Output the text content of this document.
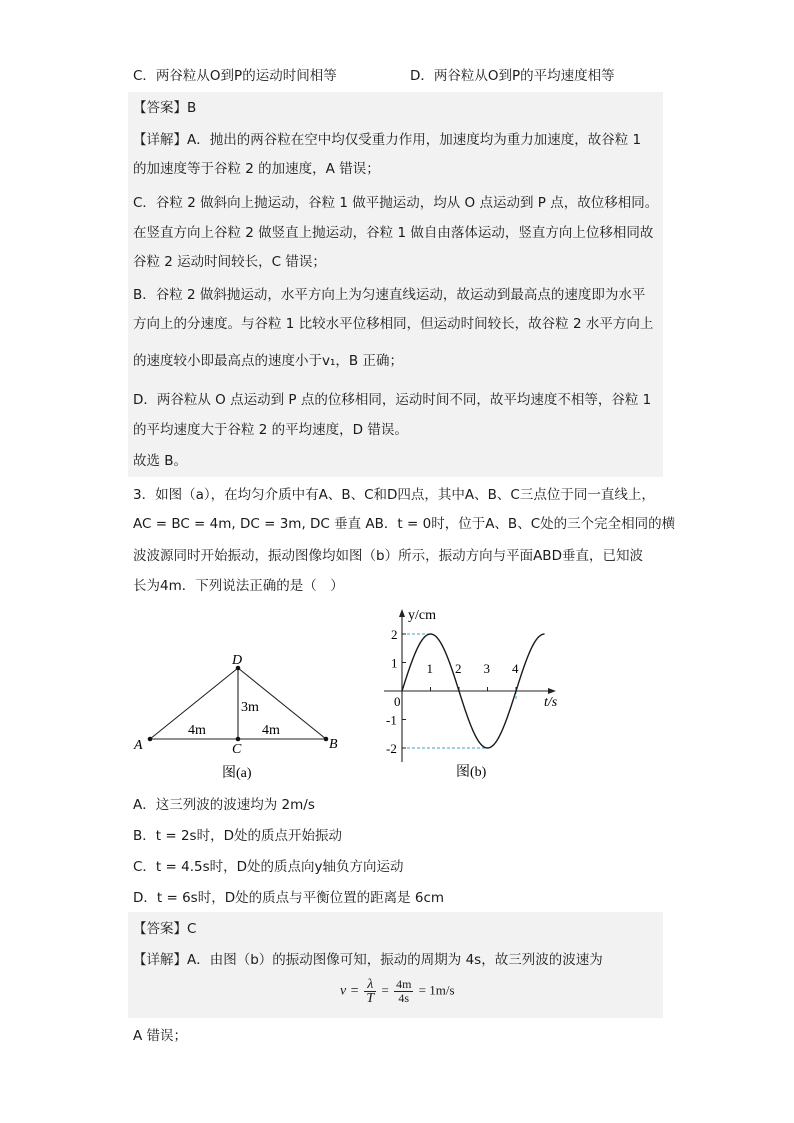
C．两谷粒从O到P的运动时间相等	D．两谷粒从O到P的平均速度相等
【答案】B
【详解】A．抛出的两谷粒在空中均仅受重力作用，加速度均为重力加速度，故谷粒 1
的加速度等于谷粒 2 的加速度，A 错误；
C．谷粒 2 做斜向上抛运动，谷粒 1 做平抛运动，均从 O 点运动到 P 点，故位移相同。
在竖直方向上谷粒 2 做竖直上抛运动，谷粒 1 做自由落体运动，竖直方向上位移相同故
谷粒 2 运动时间较长，C 错误；
B．谷粒 2 做斜抛运动，水平方向上为匀速直线运动，故运动到最高点的速度即为水平
方向上的分速度。与谷粒 1 比较水平位移相同，但运动时间较长，故谷粒 2 水平方向上
的速度较小即最高点的速度小于v₁，B 正确；
D．两谷粒从 O 点运动到 P 点的位移相同，运动时间不同，故平均速度不相等，谷粒 1
的平均速度大于谷粒 2 的平均速度，D 错误。
故选 B。
3．如图（a），在均匀介质中有A、B、C和D四点，其中A、B、C三点位于同一直线上，
AC = BC = 4m, DC = 3m, DC 垂直 AB．t = 0时，位于A、B、C处的三个完全相同的横
波波源同时开始振动，振动图像均如图（b）所示，振动方向与平面ABD垂直，已知波
长为4m．下列说法正确的是（　）
D
A	B
C
4m	4m
3m
图(a)
1 2 3 4
2
1
-1
-2
y/cm
t/s
0
图(b)
A．这三列波的波速均为 2m/s
B．t = 2s时，D处的质点开始振动
C．t = 4.5s时，D处的质点向y轴负方向运动
D．t = 6s时，D处的质点与平衡位置的距离是 6cm
【答案】C
【详解】A．由图（b）的振动图像可知，振动的周期为 4s，故三列波的波速为
$v = \frac{\lambda}{T} = \frac{4m}{4s} = 1m/s$
A 错误；
